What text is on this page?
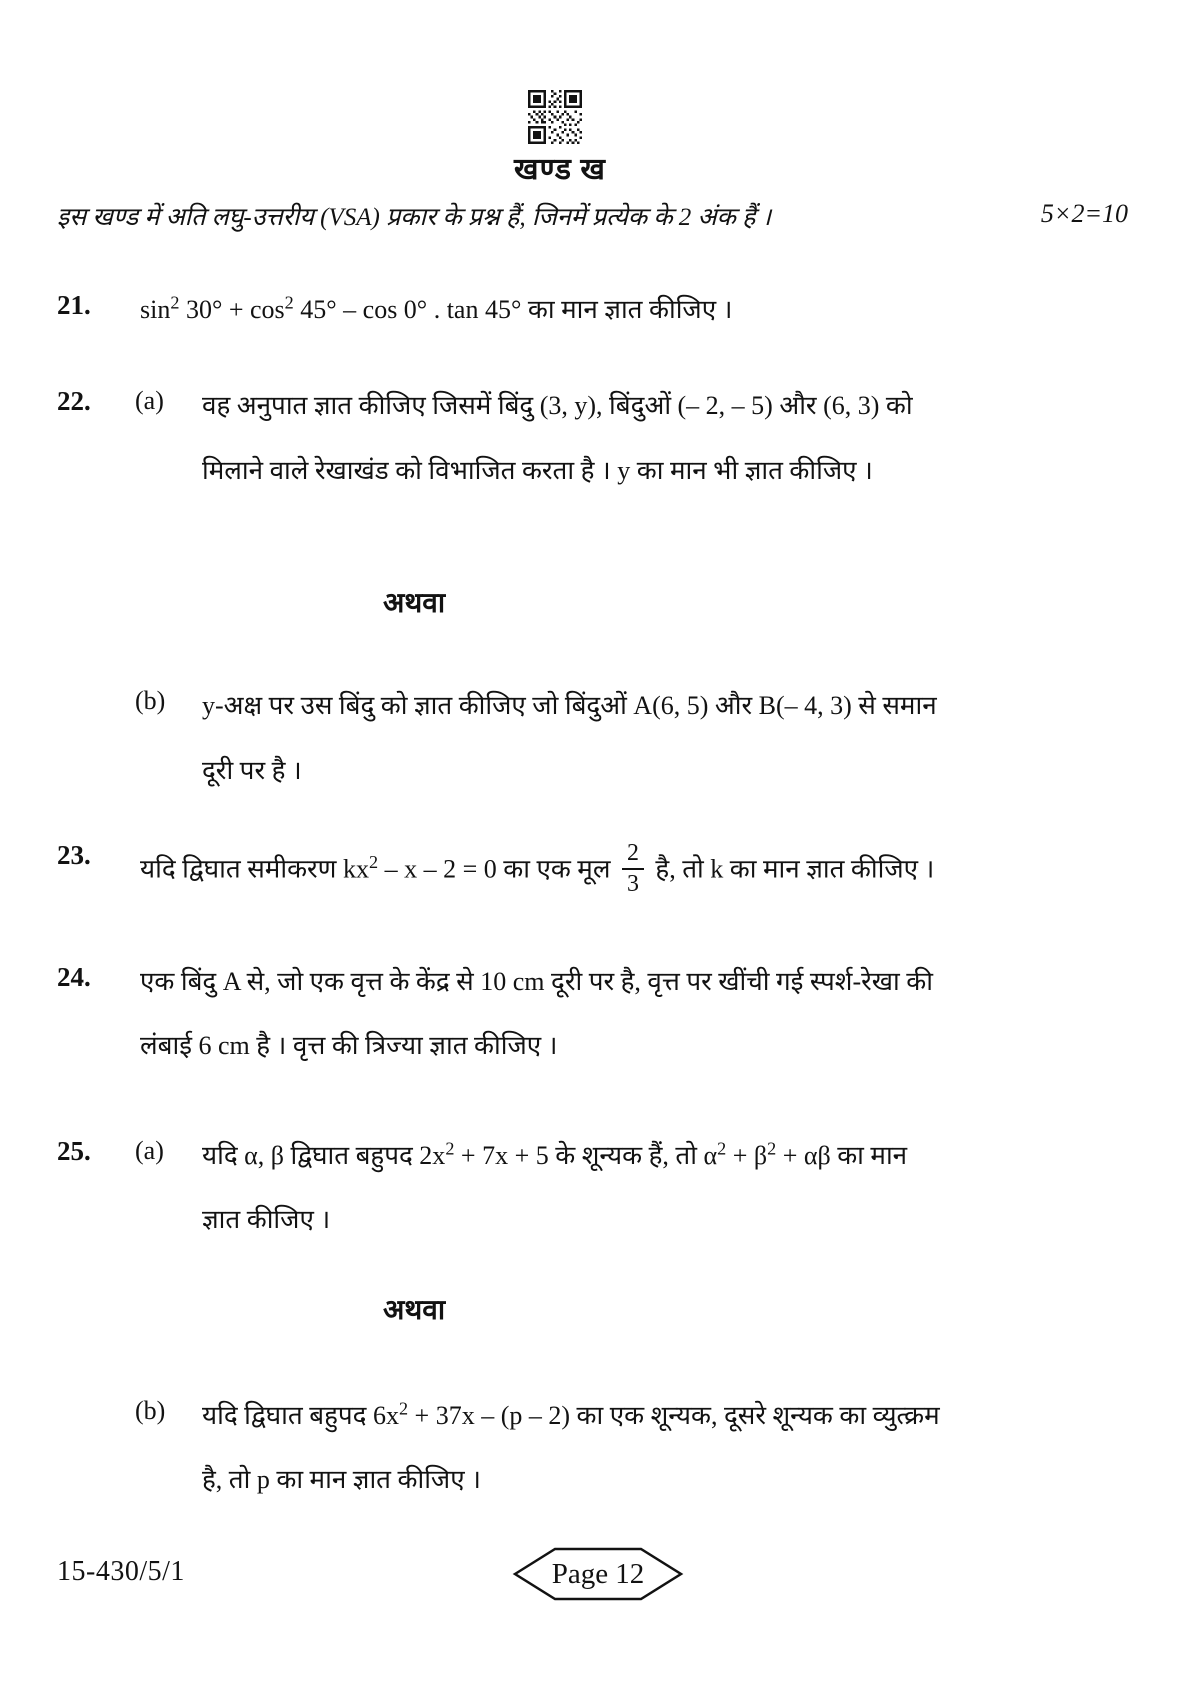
खण्ड ख
इस खण्ड में अति लघु-उत्तरीय (VSA) प्रकार के प्रश्न हैं, जिनमें प्रत्येक के 2 अंक हैं ।	5×2=10
21.	$\sin^2 30^\circ + \cos^2 45^\circ - \cos 0^\circ$ . tan 45° का मान ज्ञात कीजिए ।
22.	(a)	वह अनुपात ज्ञात कीजिए जिसमें बिंदु (3, y), बिंदुओं (– 2, – 5) और (6, 3) को
मिलाने वाले रेखाखंड को विभाजित करता है । y का मान भी ज्ञात कीजिए ।
अथवा
(b)	y-अक्ष पर उस बिंदु को ज्ञात कीजिए जो बिंदुओं A(6, 5) और B(– 4, 3) से समान
दूरी पर है ।
23.	यदि द्विघात समीकरण $kx^2 - x - 2 = 0$ का एक मूल $\frac{2}{3}$ है, तो k का मान ज्ञात कीजिए ।
24.	एक बिंदु A से, जो एक वृत्त के केंद्र से 10 cm दूरी पर है, वृत्त पर खींची गई स्पर्श-रेखा की
लंबाई 6 cm है । वृत्त की त्रिज्या ज्ञात कीजिए ।
25.	(a)	यदि α, β द्विघात बहुपद $2x^2 + 7x + 5$ के शून्यक हैं, तो $\alpha^2 + \beta^2 + \alpha\beta$ का मान
ज्ञात कीजिए ।
अथवा
(b)	यदि द्विघात बहुपद $6x^2 + 37x - (p - 2)$ का एक शून्यक, दूसरे शून्यक का व्युत्क्रम
है, तो p का मान ज्ञात कीजिए ।
15-430/5/1	Page 12
